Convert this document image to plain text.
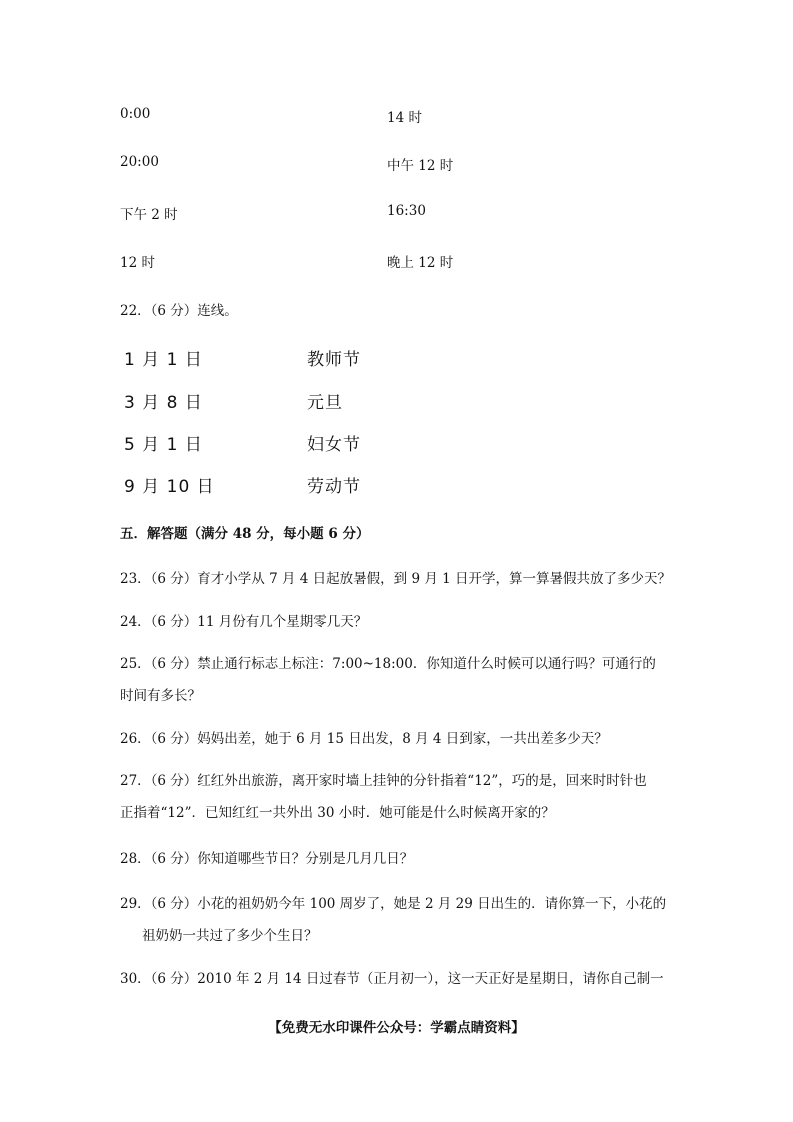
0:00
20:00
下午 2 时
12 时
14 时
中午 12 时
16:30
晚上 12 时
22．（6 分）连线。
1 月 1 日
3 月 8 日
5 月 1 日
9 月 10 日
教师节
元旦
妇女节
劳动节
五．解答题（满分 48 分，每小题 6 分）
23．（6 分）育才小学从 7 月 4 日起放暑假，到 9 月 1 日开学，算一算暑假共放了多少天？
24．（6 分）11 月份有几个星期零几天？
25．（6 分）禁止通行标志上标注：7:00~18:00．你知道什么时候可以通行吗？可通行的
时间有多长？
26．（6 分）妈妈出差，她于 6 月 15 日出发，8 月 4 日到家，一共出差多少天？
27．（6 分）红红外出旅游，离开家时墙上挂钟的分针指着“12”，巧的是，回来时时针也
正指着“12”．已知红红一共外出 30 小时．她可能是什么时候离开家的？
28．（6 分）你知道哪些节日？分别是几月几日？
29．（6 分）小花的祖奶奶今年 100 周岁了，她是 2 月 29 日出生的．请你算一下，小花的
祖奶奶一共过了多少个生日？
30．（6 分）2010 年 2 月 14 日过春节（正月初一），这一天正好是星期日，请你自己制一
【免费无水印课件公众号：学霸点睛资料】
